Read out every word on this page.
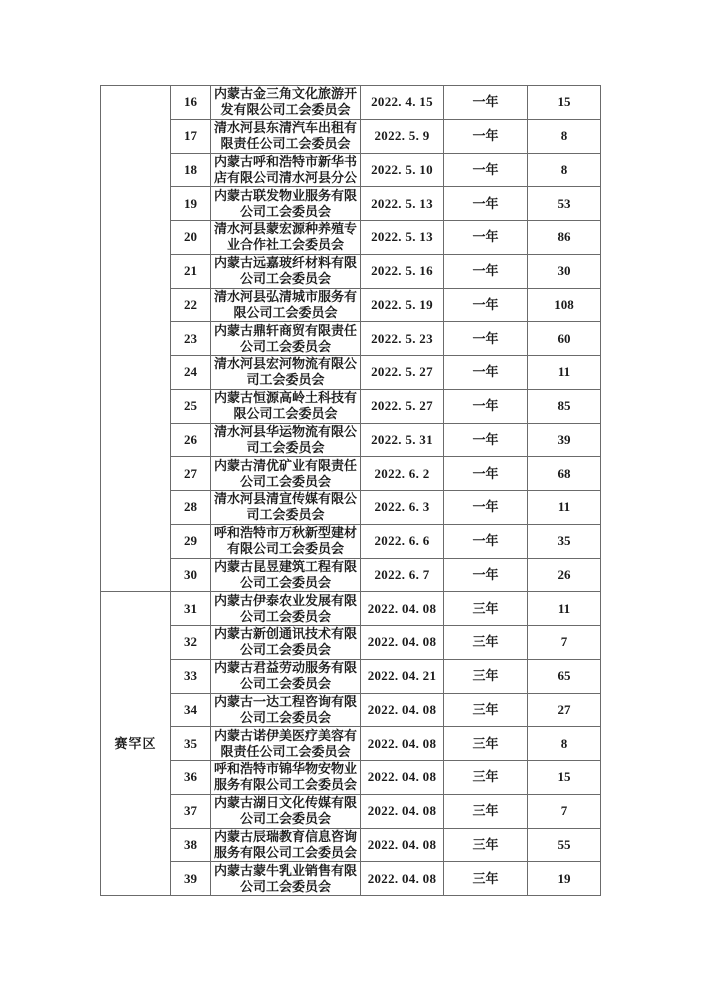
	16	内蒙古金三角文化旅游开发有限公司工会委员会	2022. 4. 15	一年	15
	17	清水河县东清汽车出租有限责任公司工会委员会	2022. 5. 9	一年	8
	18	内蒙古呼和浩特市新华书店有限公司清水河县分公	2022. 5. 10	一年	8
	19	内蒙古联发物业服务有限公司工会委员会	2022. 5. 13	一年	53
	20	清水河县蒙宏源种养殖专业合作社工会委员会	2022. 5. 13	一年	86
	21	内蒙古远嘉玻纤材料有限公司工会委员会	2022. 5. 16	一年	30
	22	清水河县弘清城市服务有限公司工会委员会	2022. 5. 19	一年	108
	23	内蒙古鼎轩商贸有限责任公司工会委员会	2022. 5. 23	一年	60
	24	清水河县宏河物流有限公司工会委员会	2022. 5. 27	一年	11
	25	内蒙古恒源高岭土科技有限公司工会委员会	2022. 5. 27	一年	85
	26	清水河县华运物流有限公司工会委员会	2022. 5. 31	一年	39
	27	内蒙古清优矿业有限责任公司工会委员会	2022. 6. 2	一年	68
	28	清水河县清宣传媒有限公司工会委员会	2022. 6. 3	一年	11
	29	呼和浩特市万秋新型建材有限公司工会委员会	2022. 6. 6	一年	35
	30	内蒙古昆昱建筑工程有限公司工会委员会	2022. 6. 7	一年	26
赛罕区	31	内蒙古伊泰农业发展有限公司工会委员会	2022. 04. 08	三年	11
	32	内蒙古新创通讯技术有限公司工会委员会	2022. 04. 08	三年	7
	33	内蒙古君益劳动服务有限公司工会委员会	2022. 04. 21	三年	65
	34	内蒙古一达工程咨询有限公司工会委员会	2022. 04. 08	三年	27
	35	内蒙古诺伊美医疗美容有限责任公司工会委员会	2022. 04. 08	三年	8
	36	呼和浩特市锦华物安物业服务有限公司工会委员会	2022. 04. 08	三年	15
	37	内蒙古湖日文化传媒有限公司工会委员会	2022. 04. 08	三年	7
	38	内蒙古辰瑞教育信息咨询服务有限公司工会委员会	2022. 04. 08	三年	55
	39	内蒙古蒙牛乳业销售有限公司工会委员会	2022. 04. 08	三年	19
